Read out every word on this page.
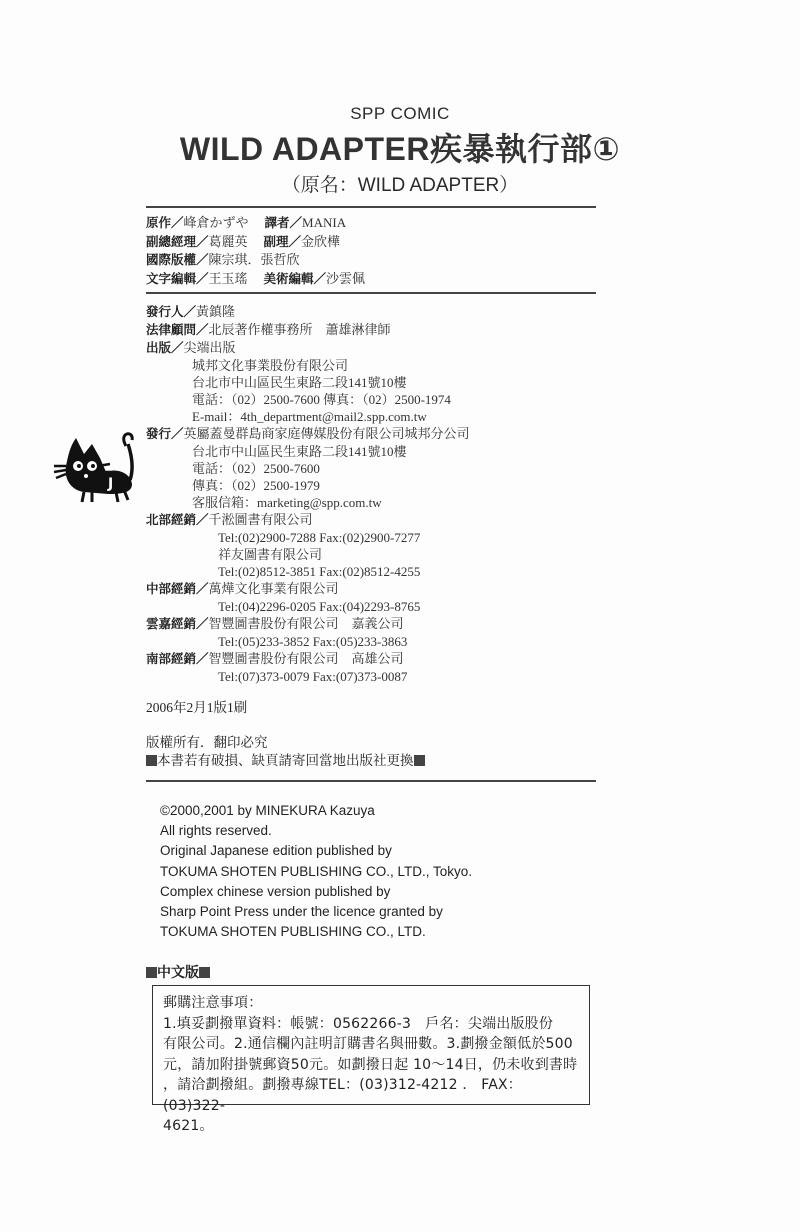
SPP COMIC
WILD ADAPTER疾暴執行部①
（原名：WILD ADAPTER）
原作／峰倉かずや 譯者／MANIA
副總經理／葛麗英 副理／金欣樺
國際版權／陳宗琪．張哲欣
文字編輯／王玉瑤 美術編輯／沙雲佩
發行人／黃鎮隆
法律顧問／北辰著作權事務所　蕭雄淋律師
出版／尖端出版
城邦文化事業股份有限公司
台北市中山區民生東路二段141號10樓
電話：（02）2500-7600 傳真：（02）2500-1974
E-mail：4th_department@mail2.spp.com.tw
發行／英屬蓋曼群島商家庭傳媒股份有限公司城邦分公司
台北市中山區民生東路二段141號10樓
電話：（02）2500-7600
傳真：（02）2500-1979
客服信箱：marketing@spp.com.tw
北部經銷／千淞圖書有限公司
Tel:(02)2900-7288 Fax:(02)2900-7277
祥友圖書有限公司
Tel:(02)8512-3851 Fax:(02)8512-4255
中部經銷／萬燁文化事業有限公司
Tel:(04)2296-0205 Fax:(04)2293-8765
雲嘉經銷／智豐圖書股份有限公司　嘉義公司
Tel:(05)233-3852 Fax:(05)233-3863
南部經銷／智豐圖書股份有限公司　高雄公司
Tel:(07)373-0079 Fax:(07)373-0087
J
2006年2月1版1刷
版權所有．翻印必究
本書若有破損、缺頁請寄回當地出版社更換
©2000,2001 by MINEKURA Kazuya
All rights reserved.
Original Japanese edition published by
TOKUMA SHOTEN PUBLISHING CO., LTD., Tokyo.
Complex chinese version published by
Sharp Point Press under the licence granted by
TOKUMA SHOTEN PUBLISHING CO., LTD.
中文版
郵購注意事項：
1.填妥劃撥單資料：帳號：0562266-3　戶名：尖端出版股份
有限公司。2.通信欄內註明訂購書名與冊數。3.劃撥金額低於500
元，請加附掛號郵資50元。如劃撥日起 10～14日，仍未收到書時
，請洽劃撥組。劃撥專線TEL：(03)312-4212 ． FAX：(03)322-
4621。
